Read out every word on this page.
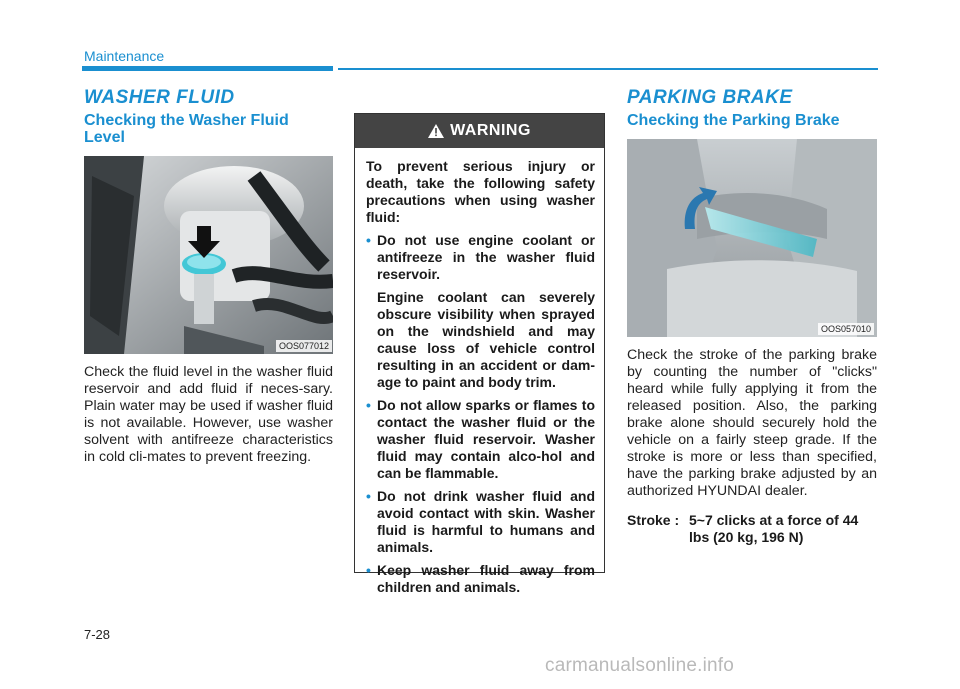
Maintenance
WASHER FLUID
Checking the Washer Fluid Level
OOS077012
Check the fluid level in the washer fluid reservoir and add fluid if neces-sary. Plain water may be used if washer fluid is not available. However, use washer solvent with antifreeze characteristics in cold cli-mates to prevent freezing.
WARNING

To prevent serious injury or death, take the following safety precautions when using washer fluid:

• Do not use engine coolant or antifreeze in the washer fluid reservoir.
Engine coolant can severely obscure visibility when sprayed on the windshield and may cause loss of vehicle control resulting in an accident or dam-age to paint and body trim.
• Do not allow sparks or flames to contact the washer fluid or the washer fluid reservoir. Washer fluid may contain alco-hol and can be flammable.
• Do not drink washer fluid and avoid contact with skin. Washer fluid is harmful to humans and animals.
• Keep washer fluid away from children and animals.
PARKING BRAKE
Checking the Parking Brake
OOS057010
Check the stroke of the parking brake by counting the number of "clicks" heard while fully applying it from the released position. Also, the parking brake alone should securely hold the vehicle on a fairly steep grade. If the stroke is more or less than specified, have the parking brake adjusted by an authorized HYUNDAI dealer.
Stroke : 5~7 clicks at a force of 44 lbs (20 kg, 196 N)
7-28
carmanualsonline.info
